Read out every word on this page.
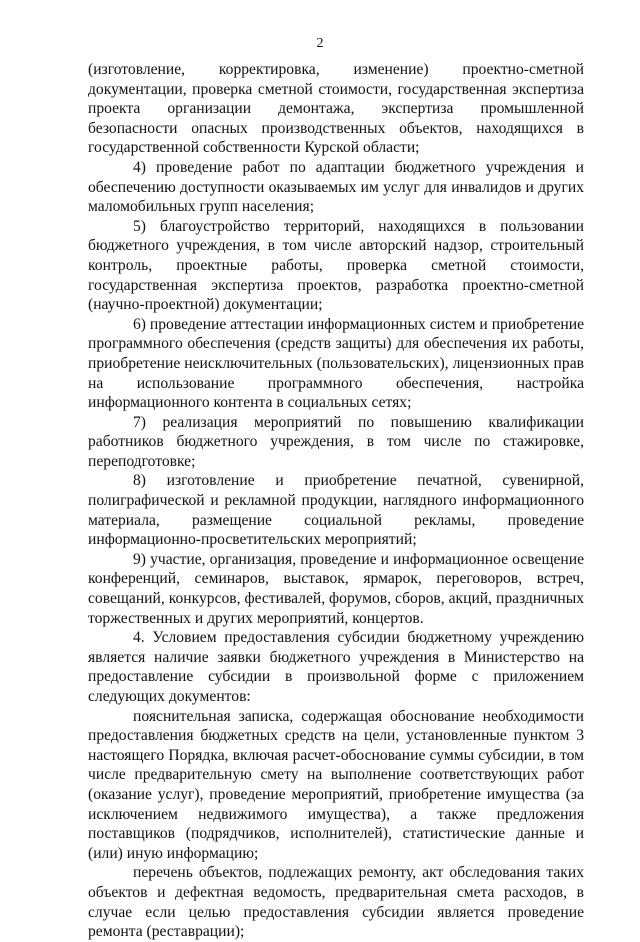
2

(изготовление, корректировка, изменение) проектно-сметной документации, проверка сметной стоимости, государственная экспертиза проекта организации демонтажа, экспертиза промышленной безопасности опасных производственных объектов, находящихся в государственной собственности Курской области;

4) проведение работ по адаптации бюджетного учреждения и обеспечению доступности оказываемых им услуг для инвалидов и других маломобильных групп населения;

5) благоустройство территорий, находящихся в пользовании бюджетного учреждения, в том числе авторский надзор, строительный контроль, проектные работы, проверка сметной стоимости, государственная экспертиза проектов, разработка проектно-сметной (научно-проектной) документации;

6) проведение аттестации информационных систем и приобретение программного обеспечения (средств защиты) для обеспечения их работы, приобретение неисключительных (пользовательских), лицензионных прав на использование программного обеспечения, настройка информационного контента в социальных сетях;

7) реализация мероприятий по повышению квалификации работников бюджетного учреждения, в том числе по стажировке, переподготовке;

8) изготовление и приобретение печатной, сувенирной, полиграфической и рекламной продукции, наглядного информационного материала, размещение социальной рекламы, проведение информационно-просветительских мероприятий;

9) участие, организация, проведение и информационное освещение конференций, семинаров, выставок, ярмарок, переговоров, встреч, совещаний, конкурсов, фестивалей, форумов, сборов, акций, праздничных торжественных и других мероприятий, концертов.

4. Условием предоставления субсидии бюджетному учреждению является наличие заявки бюджетного учреждения в Министерство на предоставление субсидии в произвольной форме с приложением следующих документов:

пояснительная записка, содержащая обоснование необходимости предоставления бюджетных средств на цели, установленные пунктом 3 настоящего Порядка, включая расчет-обоснование суммы субсидии, в том числе предварительную смету на выполнение соответствующих работ (оказание услуг), проведение мероприятий, приобретение имущества (за исключением недвижимого имущества), а также предложения поставщиков (подрядчиков, исполнителей), статистические данные и (или) иную информацию;

перечень объектов, подлежащих ремонту, акт обследования таких объектов и дефектная ведомость, предварительная смета расходов, в случае если целью предоставления субсидии является проведение ремонта (реставрации);
